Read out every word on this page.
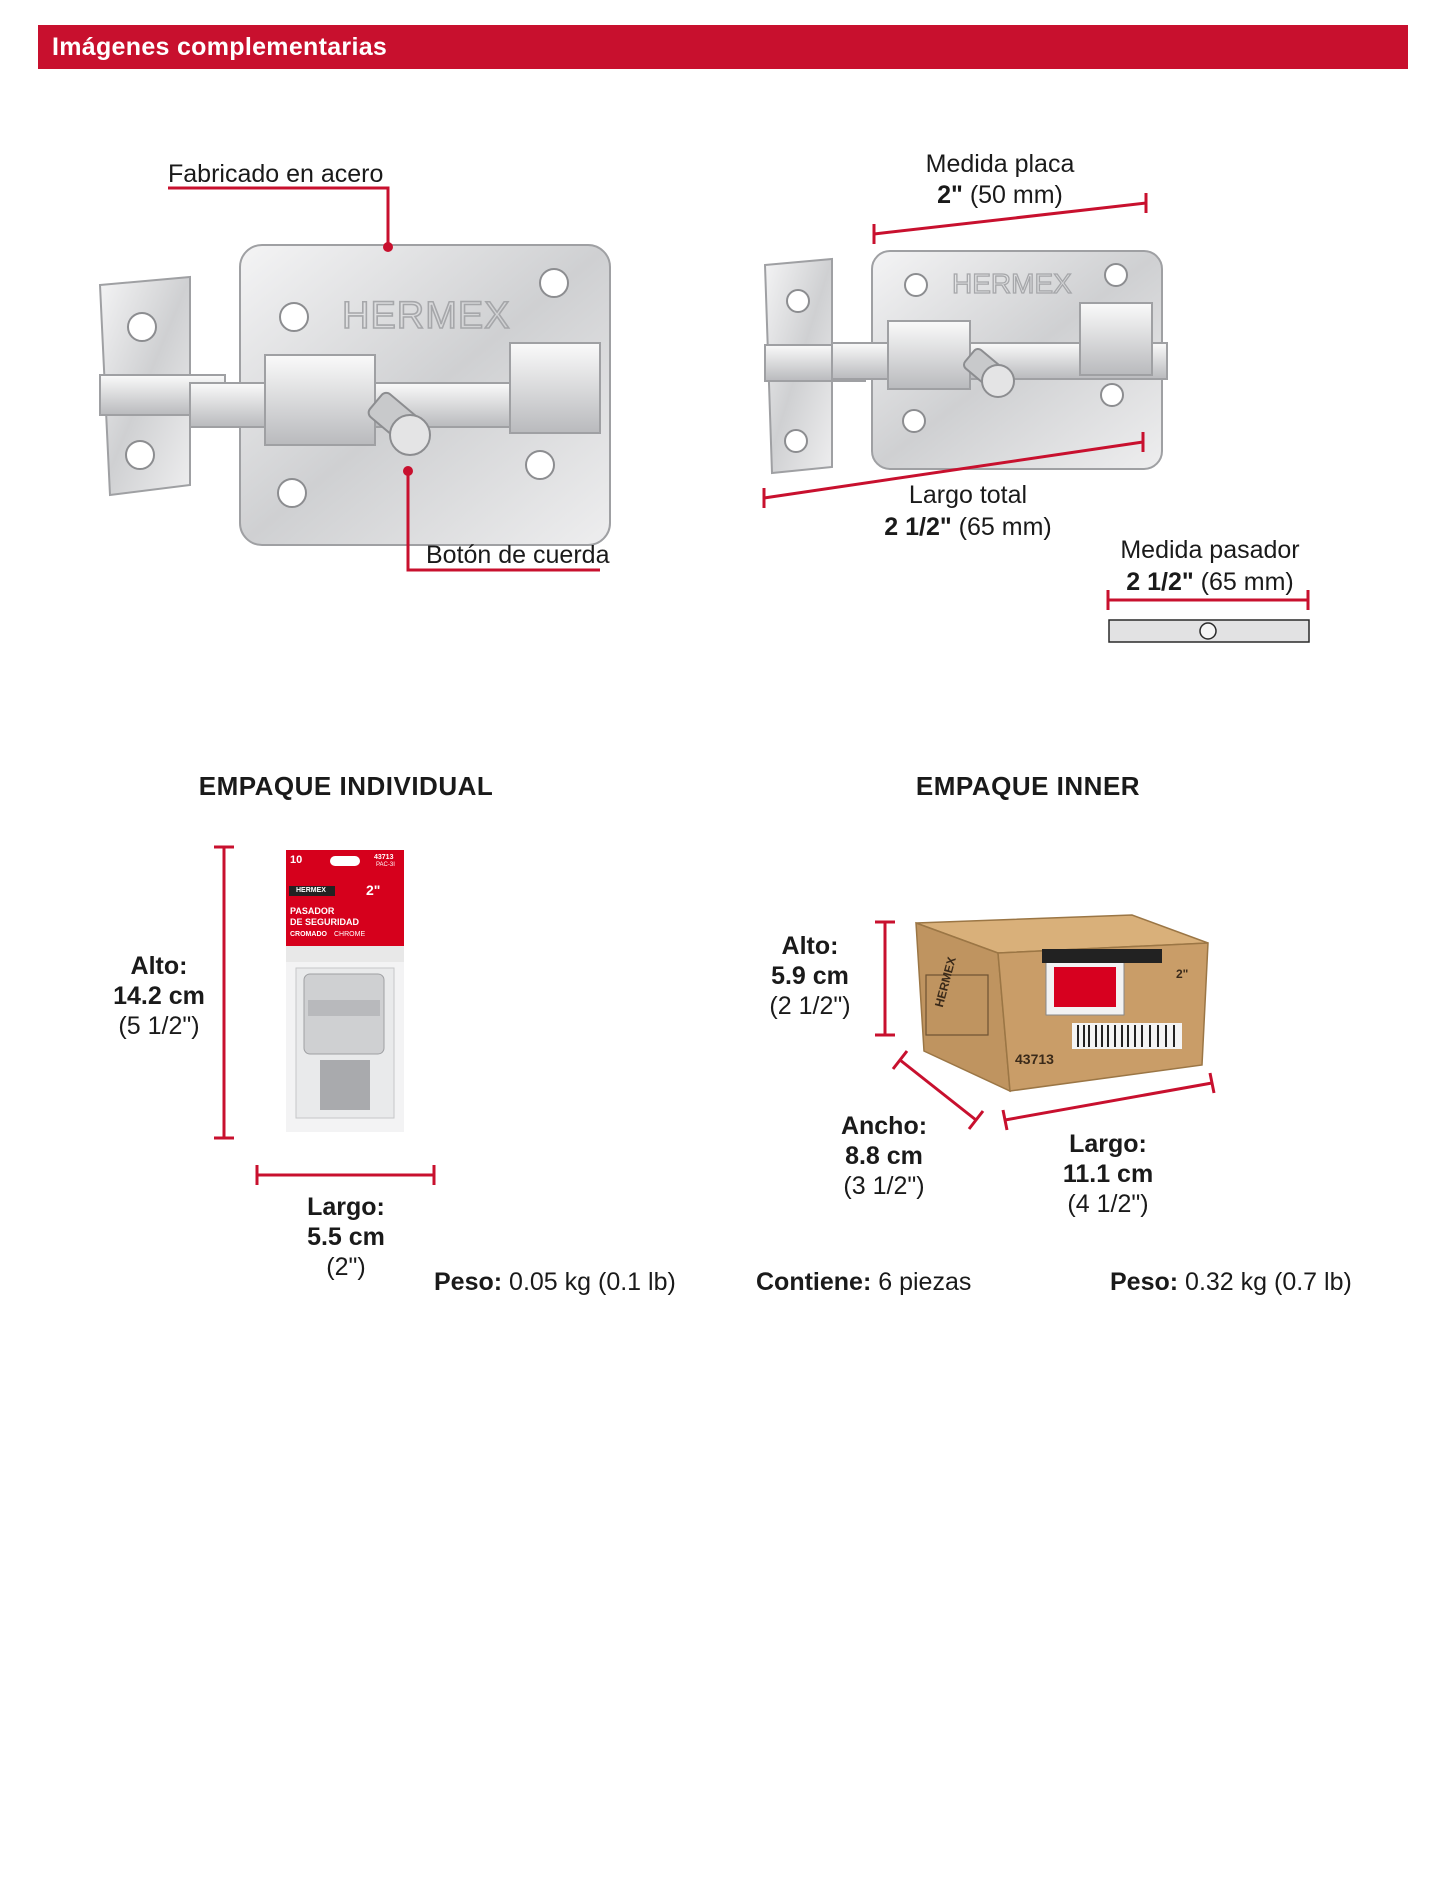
Imágenes complementarias
HERMEX
Fabricado en acero
Botón de cuerda
HERMEX
Medida placa
2" (50 mm)
Largo total
2 1/2" (65 mm)
Medida pasador
2 1/2" (65 mm)
EMPAQUE INDIVIDUAL
10	43713
PAC-3I
HERMEX	2"
PASADOR
DE SEGURIDAD
CROMADO CHROME
Alto:
14.2 cm
(5 1/2")
Largo:
5.5 cm
(2")
Peso: 0.05 kg (0.1 lb)
EMPAQUE INNER
43713
HERMEX	2"
Alto:
5.9 cm
(2 1/2")
Ancho:
8.8 cm
(3 1/2")
Largo:
11.1 cm
(4 1/2")
Contiene: 6 piezas	Peso: 0.32 kg (0.7 lb)
